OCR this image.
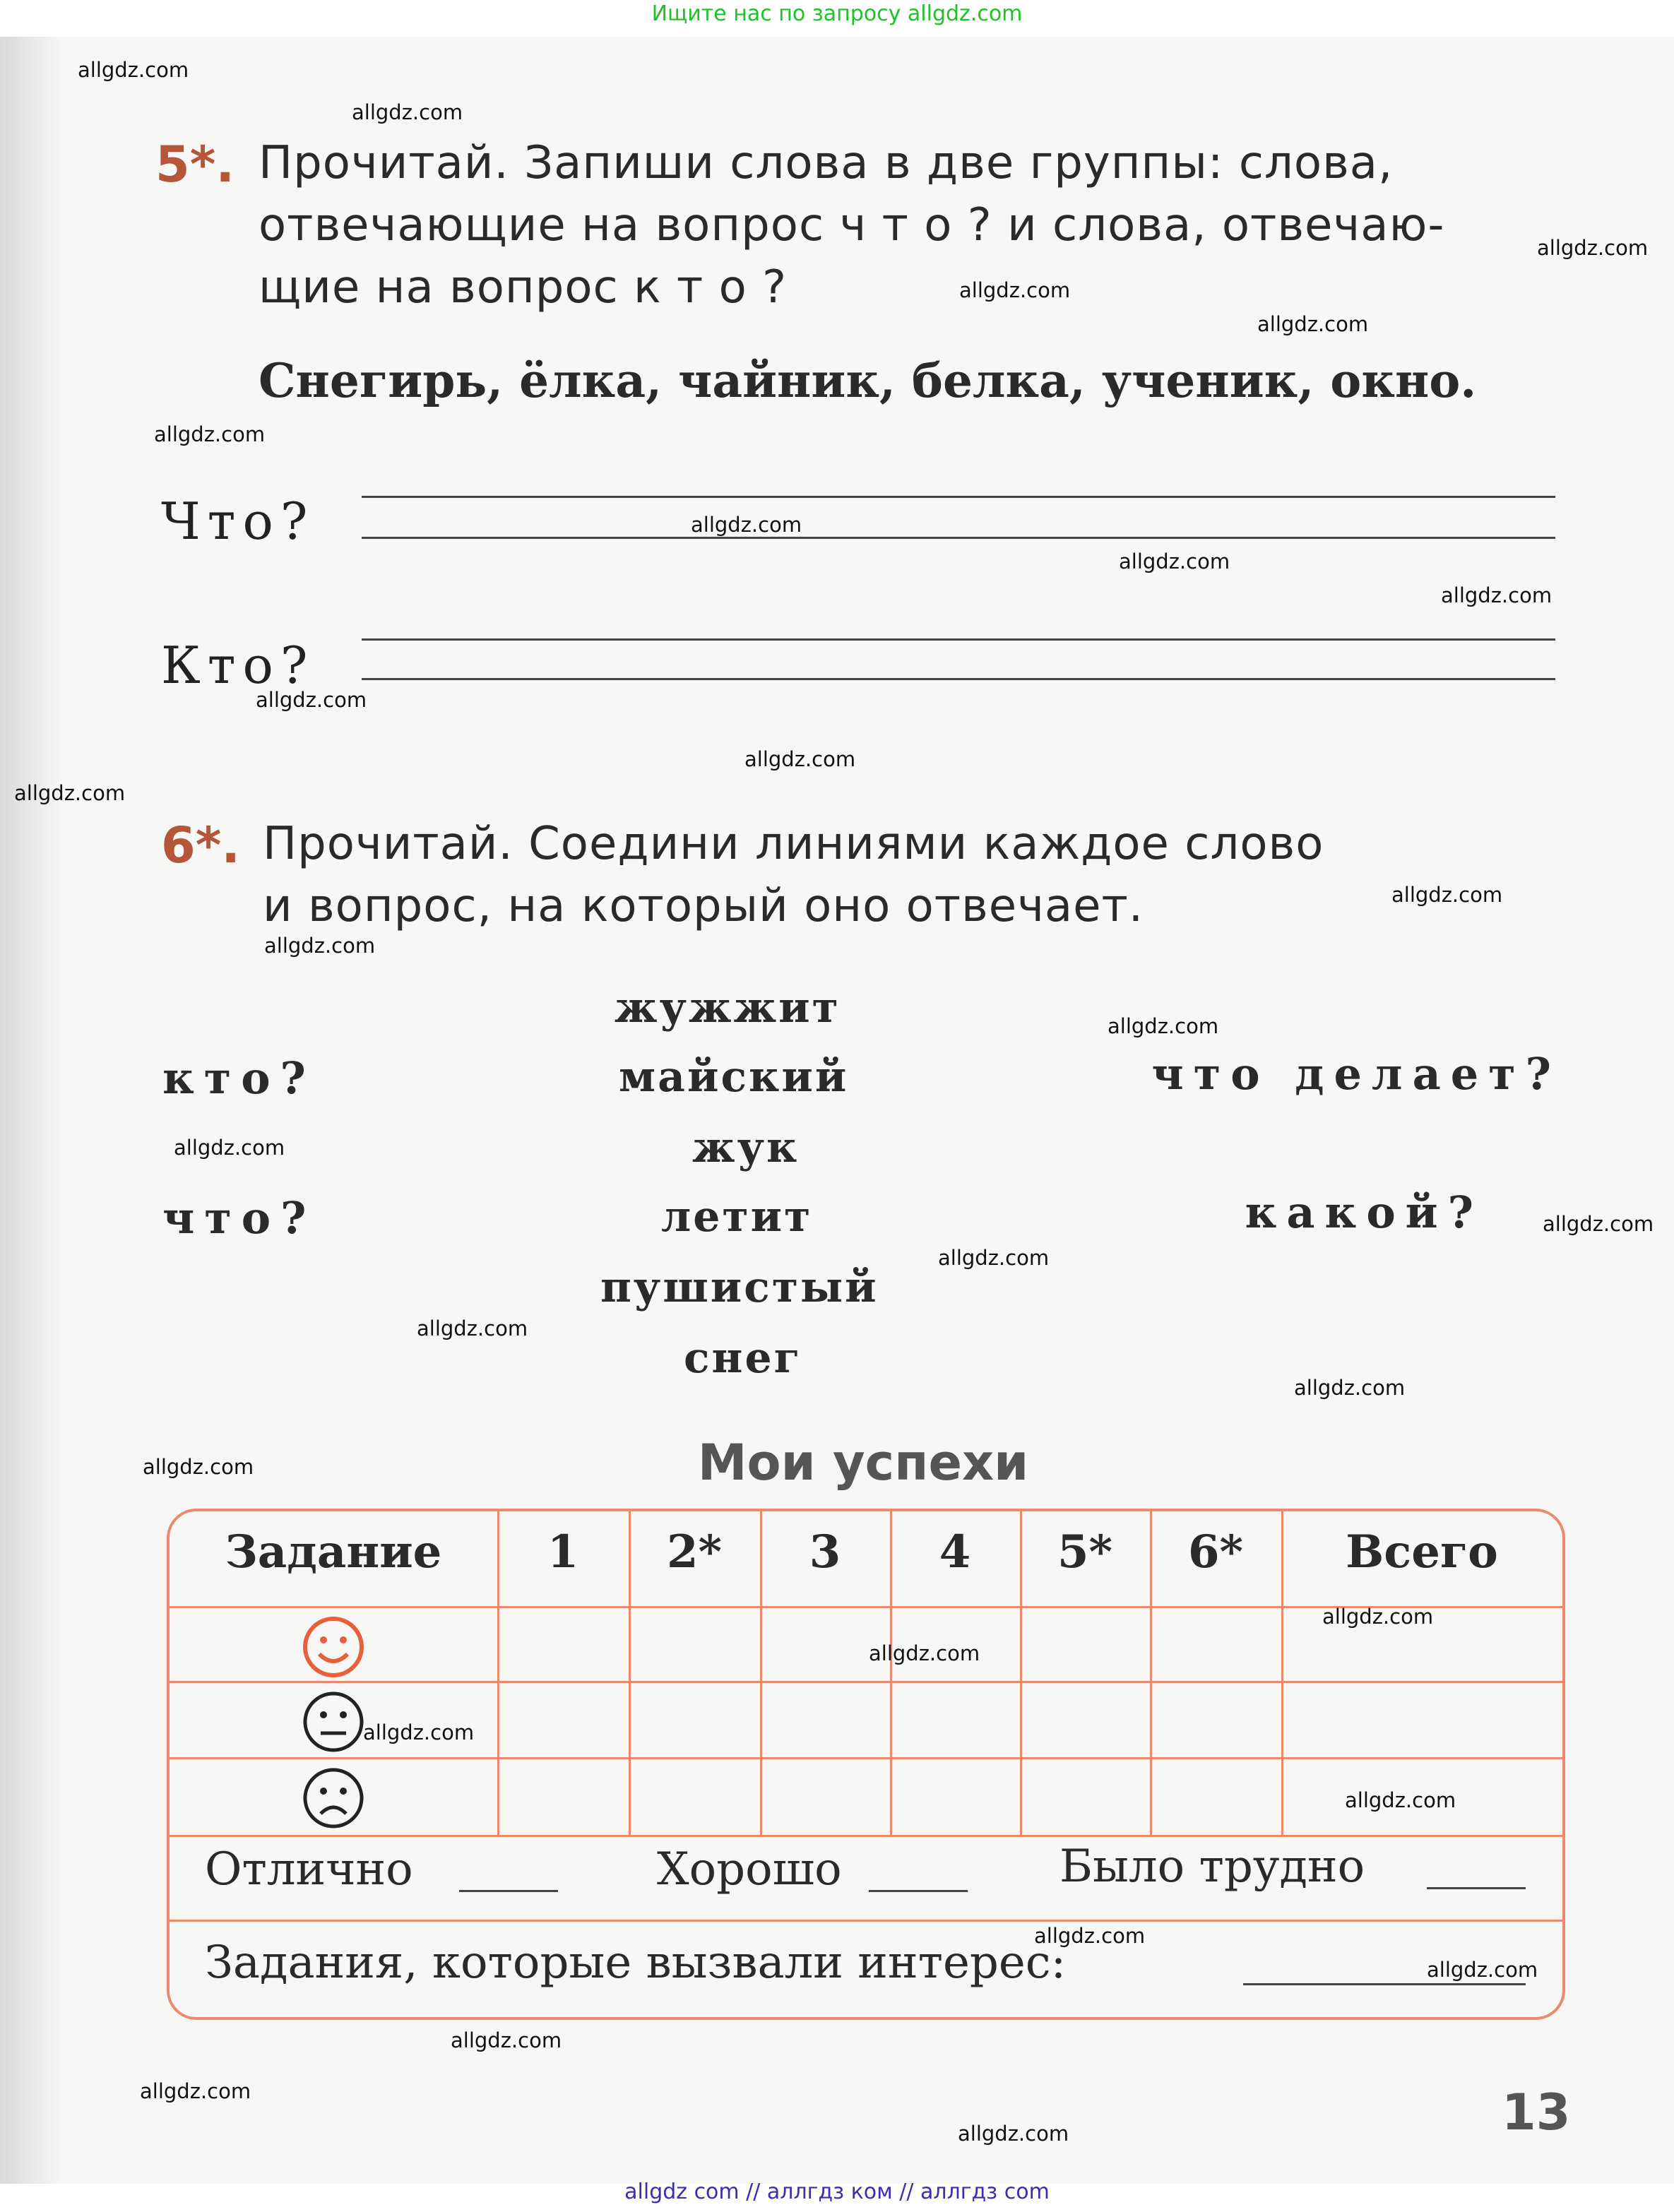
Ищите нас по запросу allgdz.com
5*. Прочитай. Запиши слова в две группы: слова,
отвечающие на вопрос ч т о ? и слова, отвечаю-
щие на вопрос к т о ?
Снегирь, ёлка, чайник, белка, ученик, окно.
Что?
Кто?
6*. Прочитай. Соедини линиями каждое слово
и вопрос, на который оно отвечает.
жужжит
майский
жук
летит
пушистый
снег
кто?
что?
что делает?
какой?
Мои успехи
Задание	1	2*	3	4	5*	6*	Всего
Отлично	Хорошо	Было трудно
Задания, которые вызвали интерес:
13
allgdz.com
allgdz.com
allgdz.com
allgdz.com
allgdz.com
allgdz.com
allgdz.com
allgdz.com
allgdz.com
allgdz.com
allgdz.com
allgdz.com
allgdz.com
allgdz.com
allgdz.com
allgdz.com
allgdz.com
allgdz.com
allgdz.com
allgdz.com
allgdz.com
allgdz.com
allgdz.com
allgdz.com
allgdz.com
allgdz.com
allgdz.com
allgdz.com
allgdz.com
allgdz.com
allgdz com // аллгдз ком // аллгдз com
